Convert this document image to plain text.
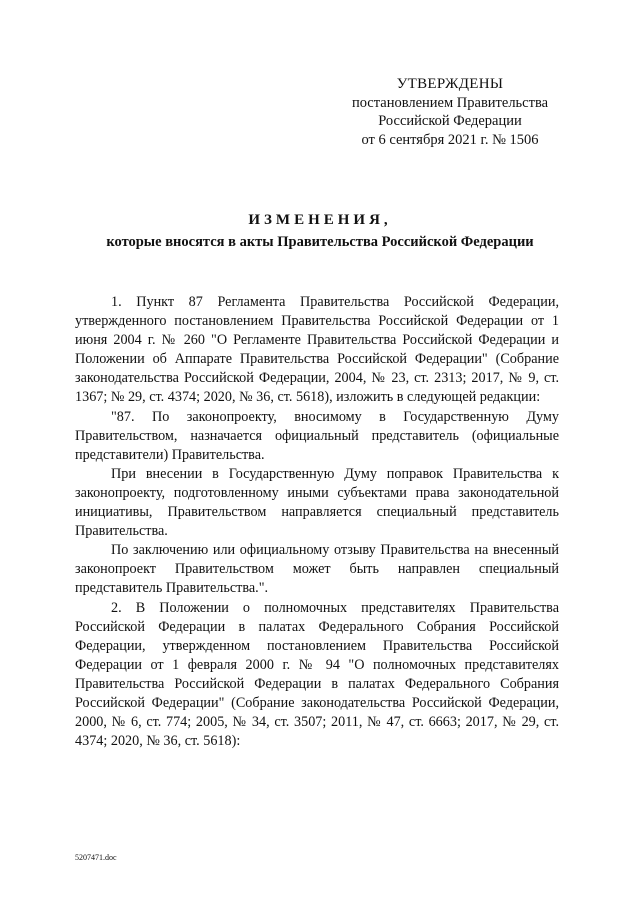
УТВЕРЖДЕНЫ
постановлением Правительства
Российской Федерации
от 6 сентября 2021 г. № 1506
ИЗМЕНЕНИЯ,
которые вносятся в акты Правительства Российской Федерации

1. Пункт 87 Регламента Правительства Российской Федерации, утвержденного постановлением Правительства Российской Федерации от 1 июня 2004 г. № 260 "О Регламенте Правительства Российской Федерации и Положении об Аппарате Правительства Российской Федерации" (Собрание законодательства Российской Федерации, 2004, № 23, ст. 2313; 2017, № 9, ст. 1367; № 29, ст. 4374; 2020, № 36, ст. 5618), изложить в следующей редакции:

"87. По законопроекту, вносимому в Государственную Думу Правительством, назначается официальный представитель (официальные представители) Правительства.

При внесении в Государственную Думу поправок Правительства к законопроекту, подготовленному иными субъектами права законодательной инициативы, Правительством направляется специальный представитель Правительства.

По заключению или официальному отзыву Правительства на внесенный законопроект Правительством может быть направлен специальный представитель Правительства.".

2. В Положении о полномочных представителях Правительства Российской Федерации в палатах Федерального Собрания Российской Федерации, утвержденном постановлением Правительства Российской Федерации от 1 февраля 2000 г. № 94 "О полномочных представителях Правительства Российской Федерации в палатах Федерального Собрания Российской Федерации" (Собрание законодательства Российской Федерации, 2000, № 6, ст. 774; 2005, № 34, ст. 3507; 2011, № 47, ст. 6663; 2017, № 29, ст. 4374; 2020, № 36, ст. 5618):

5207471.doc
